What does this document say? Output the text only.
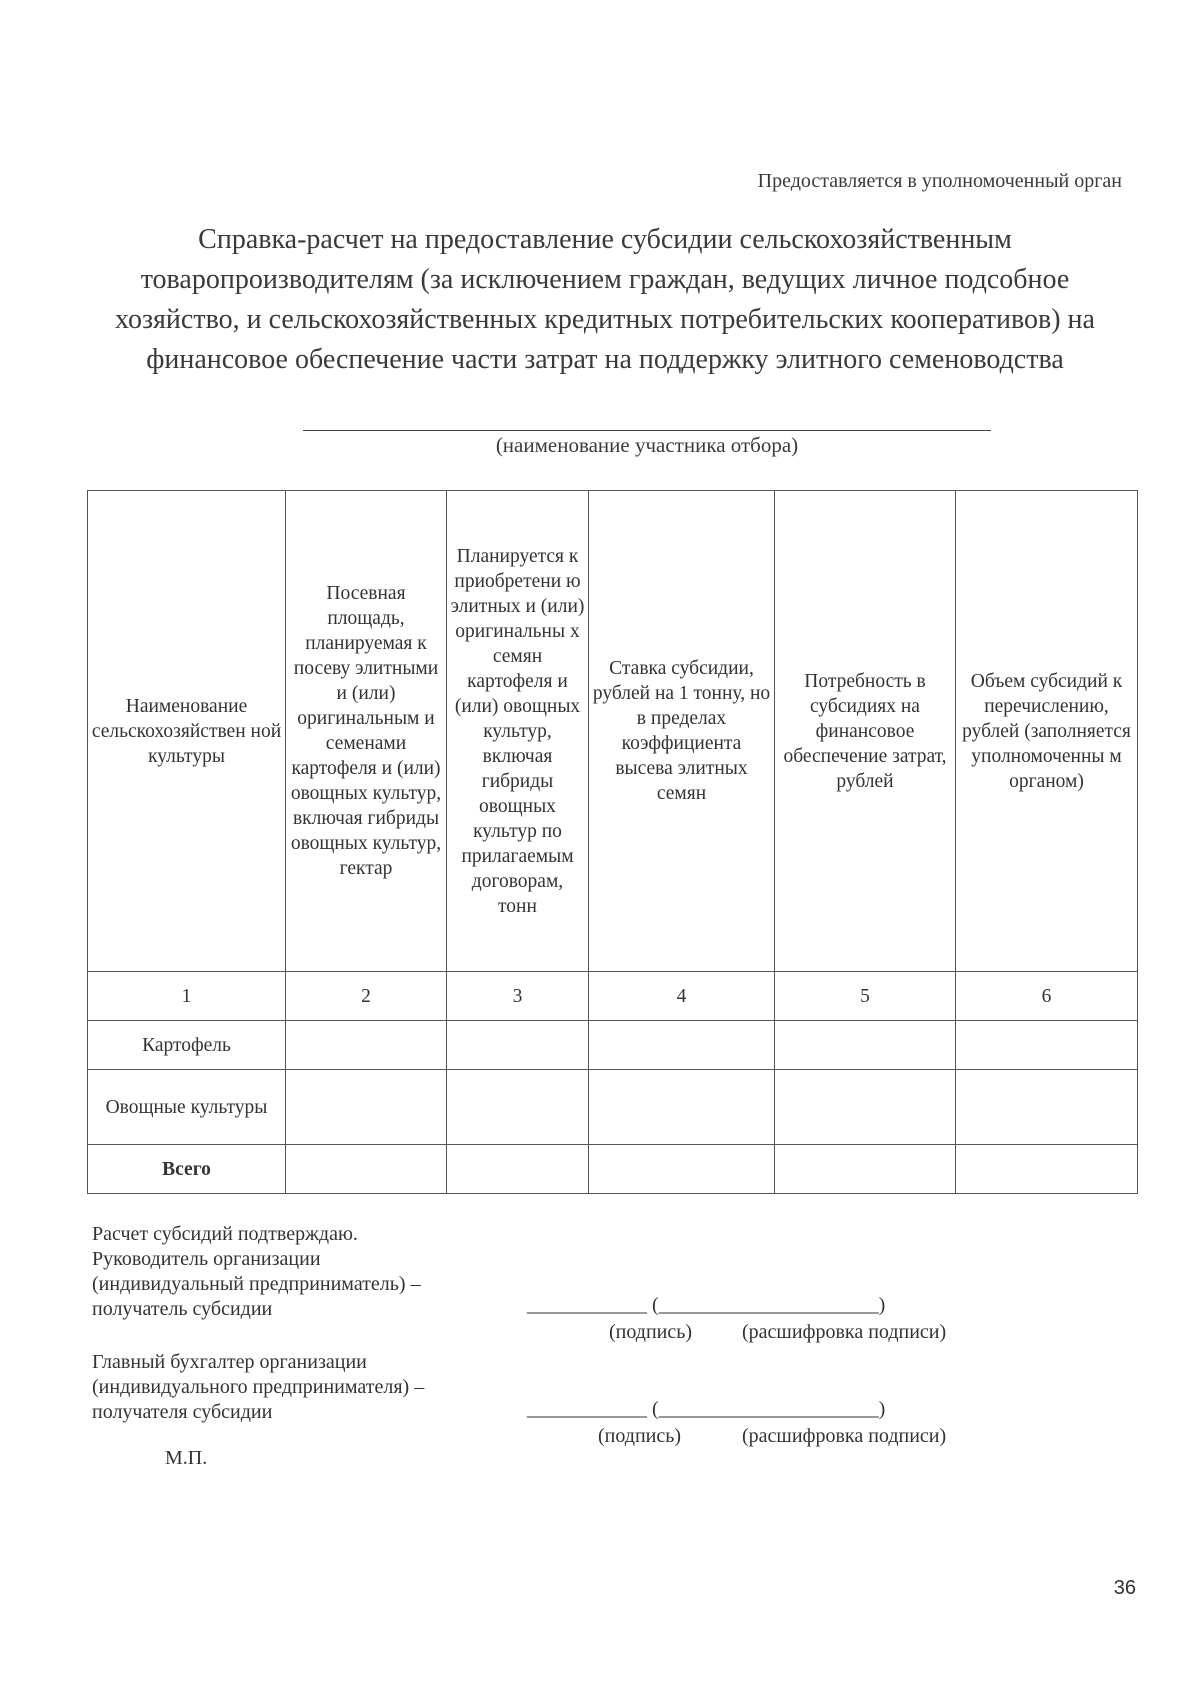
Предоставляется в уполномоченный орган
Справка-расчет на предоставление субсидии сельскохозяйственным
товаропроизводителям (за исключением граждан, ведущих личное подсобное
хозяйство, и сельскохозяйственных кредитных потребительских кооперативов) на
финансовое обеспечение части затрат на поддержку элитного семеноводства
(наименование участника отбора)
Наименование сельскохозяйствен ной культуры	Посевная площадь, планируемая к посеву элитными и (или) оригинальным и семенами картофеля и (или) овощных культур, включая гибриды овощных культур, гектар	Планируется к приобретени ю элитных и (или) оригинальны х семян картофеля и (или) овощных культур, включая гибриды овощных культур по прилагаемым договорам, тонн	Ставка субсидии, рублей на 1 тонну, но в пределах коэффициента высева элитных семян	Потребность в субсидиях на финансовое обеспечение затрат, рублей	Объем субсидий к перечислению, рублей (заполняется уполномоченны м органом)
1	2	3	4	5	6
Картофель					
Овощные культуры					
Всего					
Расчет субсидий подтверждаю.
Руководитель организации
(индивидуальный предприниматель) –
получатель субсидии	____________ (______________________)
(подпись) (расшифровка подписи)
Главный бухгалтер организации
(индивидуального предпринимателя) –
получателя субсидии	____________ (______________________)
(подпись)	(расшифровка подписи)
М.П.
36
